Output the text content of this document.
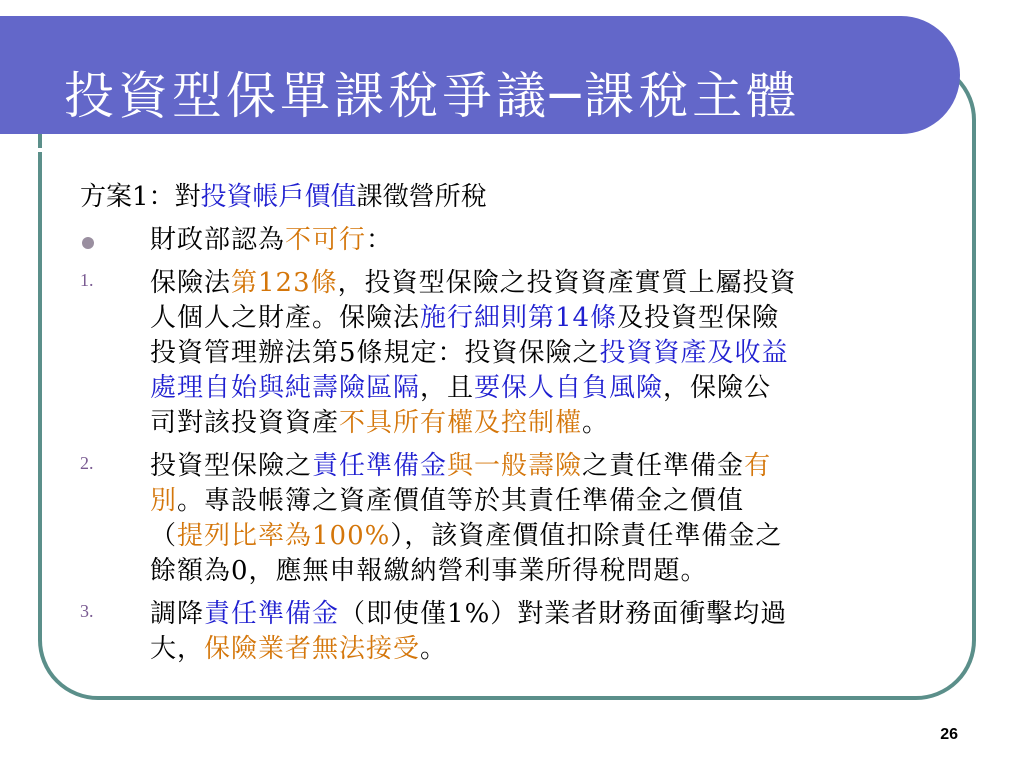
投資型保單課稅爭議─課稅主體
方案1：對投資帳戶價值課徵營所稅
財政部認為不可行：
1. 保險法第123條，投資型保險之投資資產實質上屬投資
人個人之財產。保險法施行細則第14條及投資型保險
投資管理辦法第5條規定：投資保險之投資資產及收益
處理自始與純壽險區隔，且要保人自負風險，保險公
司對該投資資產不具所有權及控制權。
2. 投資型保險之責任準備金與一般壽險之責任準備金有
別。專設帳簿之資產價值等於其責任準備金之價值
（提列比率為100%），該資產價值扣除責任準備金之
餘額為0，應無申報繳納營利事業所得稅問題。
3. 調降責任準備金（即使僅1%）對業者財務面衝擊均過
大，保險業者無法接受。
26
